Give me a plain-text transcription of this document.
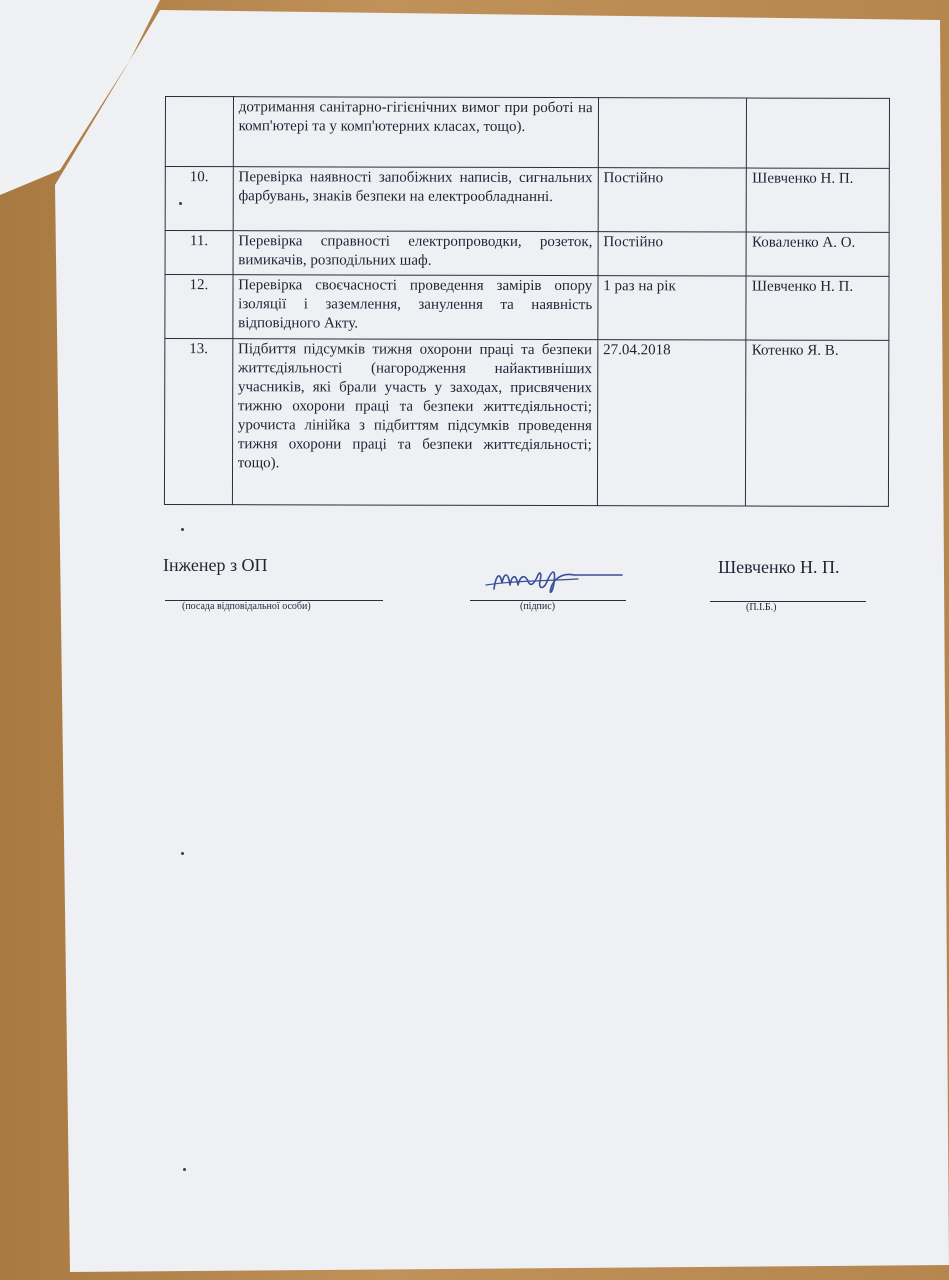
	дотримання санітарно-гігієнічних вимог при роботі на комп'ютері та у комп'ютерних класах, тощо).		
10.	Перевірка наявності запобіжних написів, сигнальних фарбувань, знаків безпеки на електрообладнанні.	Постійно	Шевченко Н. П.
11.	Перевірка справності електропроводки, розеток, вимикачів, розподільних шаф.	Постійно	Коваленко А. О.
12.	Перевірка своєчасності проведення замірів опору ізоляції і заземлення, занулення та наявність відповідного Акту.	1 раз на рік	Шевченко Н. П.
13.	Підбиття підсумків тижня охорони праці та безпеки життєдіяльності (нагородження найактивніших учасників, які брали участь у заходах, присвячених тижню охорони праці та безпеки життєдіяльності; урочиста лінійка з підбиттям підсумків проведення тижня охорони праці та безпеки життєдіяльності; тощо).	27.04.2018	Котенко Я. В.
Інженер з ОП	Шевченко Н. П.
(посада відповідальної особи)	(підпис)	(П.І.Б.)
